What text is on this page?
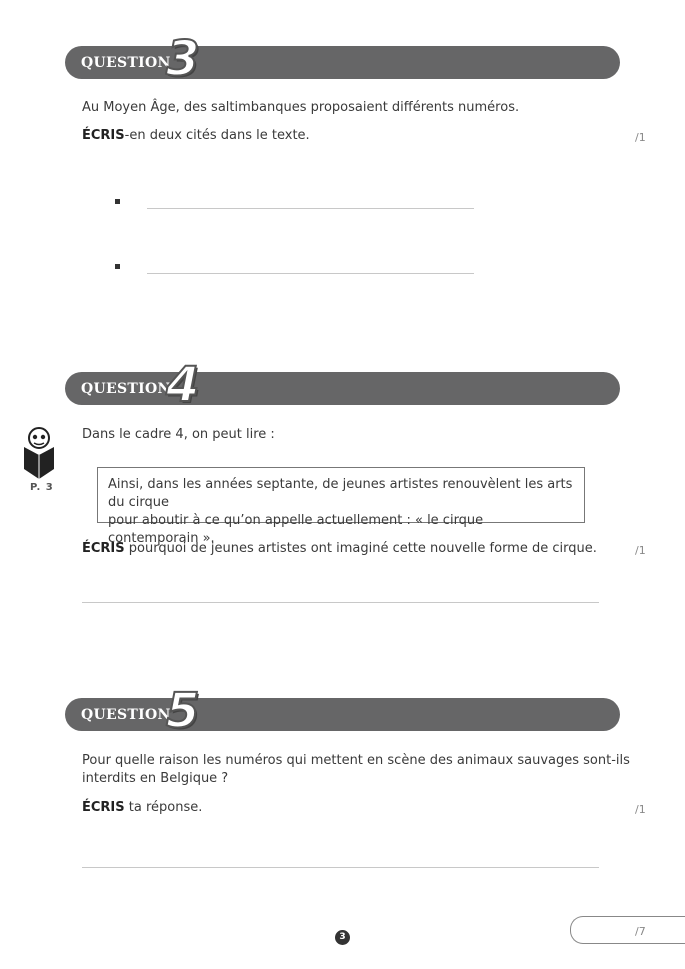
QUESTION
3
Au Moyen Âge, des saltimbanques proposaient différents numéros.
ÉCRIS-en deux cités dans le texte.	/1
QUESTION
4
P. 3
Dans le cadre 4, on peut lire :
Ainsi, dans les années septante, de jeunes artistes renouvèlent les arts du cirque
pour aboutir à ce qu’on appelle actuellement : « le cirque contemporain ».
ÉCRIS pourquoi de jeunes artistes ont imaginé cette nouvelle forme de cirque.	/1
QUESTION
5
Pour quelle raison les numéros qui mettent en scène des animaux sauvages sont-ils
interdits en Belgique ?
ÉCRIS ta réponse.	/1
3	/7
